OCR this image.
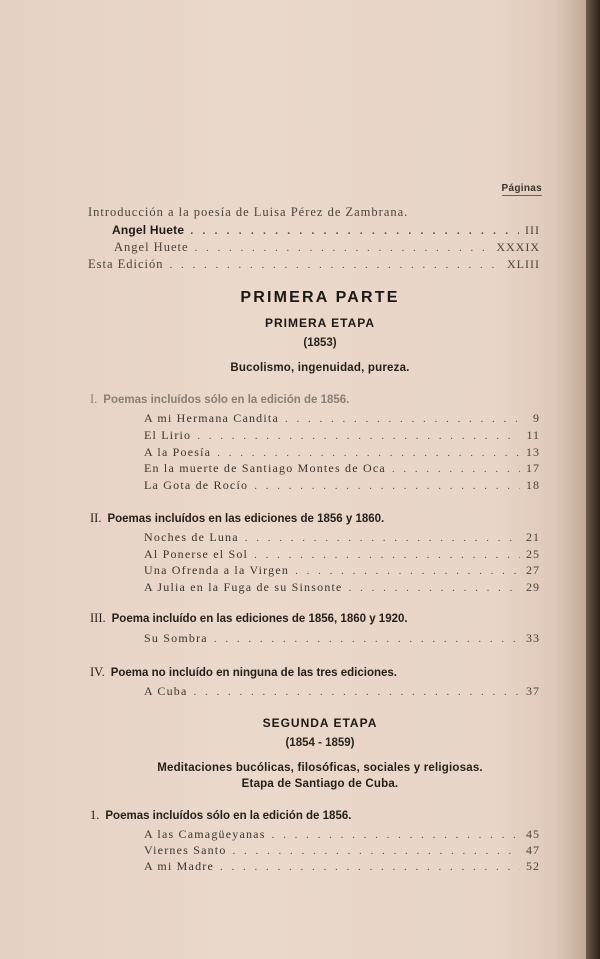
Páginas
Introducción a la poesía de Luisa Pérez de Zambrana.
Angel Huete . . .	III
Angel Huete . . .	XXXIX
Esta Edición . . .	XLIII
PRIMERA PARTE
PRIMERA ETAPA
(1853)
Bucolismo, ingenuidad, pureza.
I. Poemas incluídos sólo en la edición de 1856.
A mi Hermana Candita . . .	9
El Lirio . . .	11
A la Poesía . . .	13
En la muerte de Santiago Montes de Oca . . .	17
La Gota de Rocío . . .	18
II. Poemas incluídos en las ediciones de 1856 y 1860.
Noches de Luna . . .	21
Al Ponerse el Sol . . .	25
Una Ofrenda a la Virgen . . .	27
A Julia en la Fuga de su Sinsonte . . .	29
III. Poema incluído en las ediciones de 1856, 1860 y 1920.
Su Sombra . . .	33
IV. Poema no incluído en ninguna de las tres ediciones.
A Cuba . . .	37
SEGUNDA ETAPA
(1854 - 1859)
Meditaciones bucólicas, filosóficas, sociales y religiosas.
Etapa de Santiago de Cuba.
1. Poemas incluídos sólo en la edición de 1856.
A las Camagüeyanas . . .	45
Viernes Santo . . .	47
A mi Madre . . .	52
